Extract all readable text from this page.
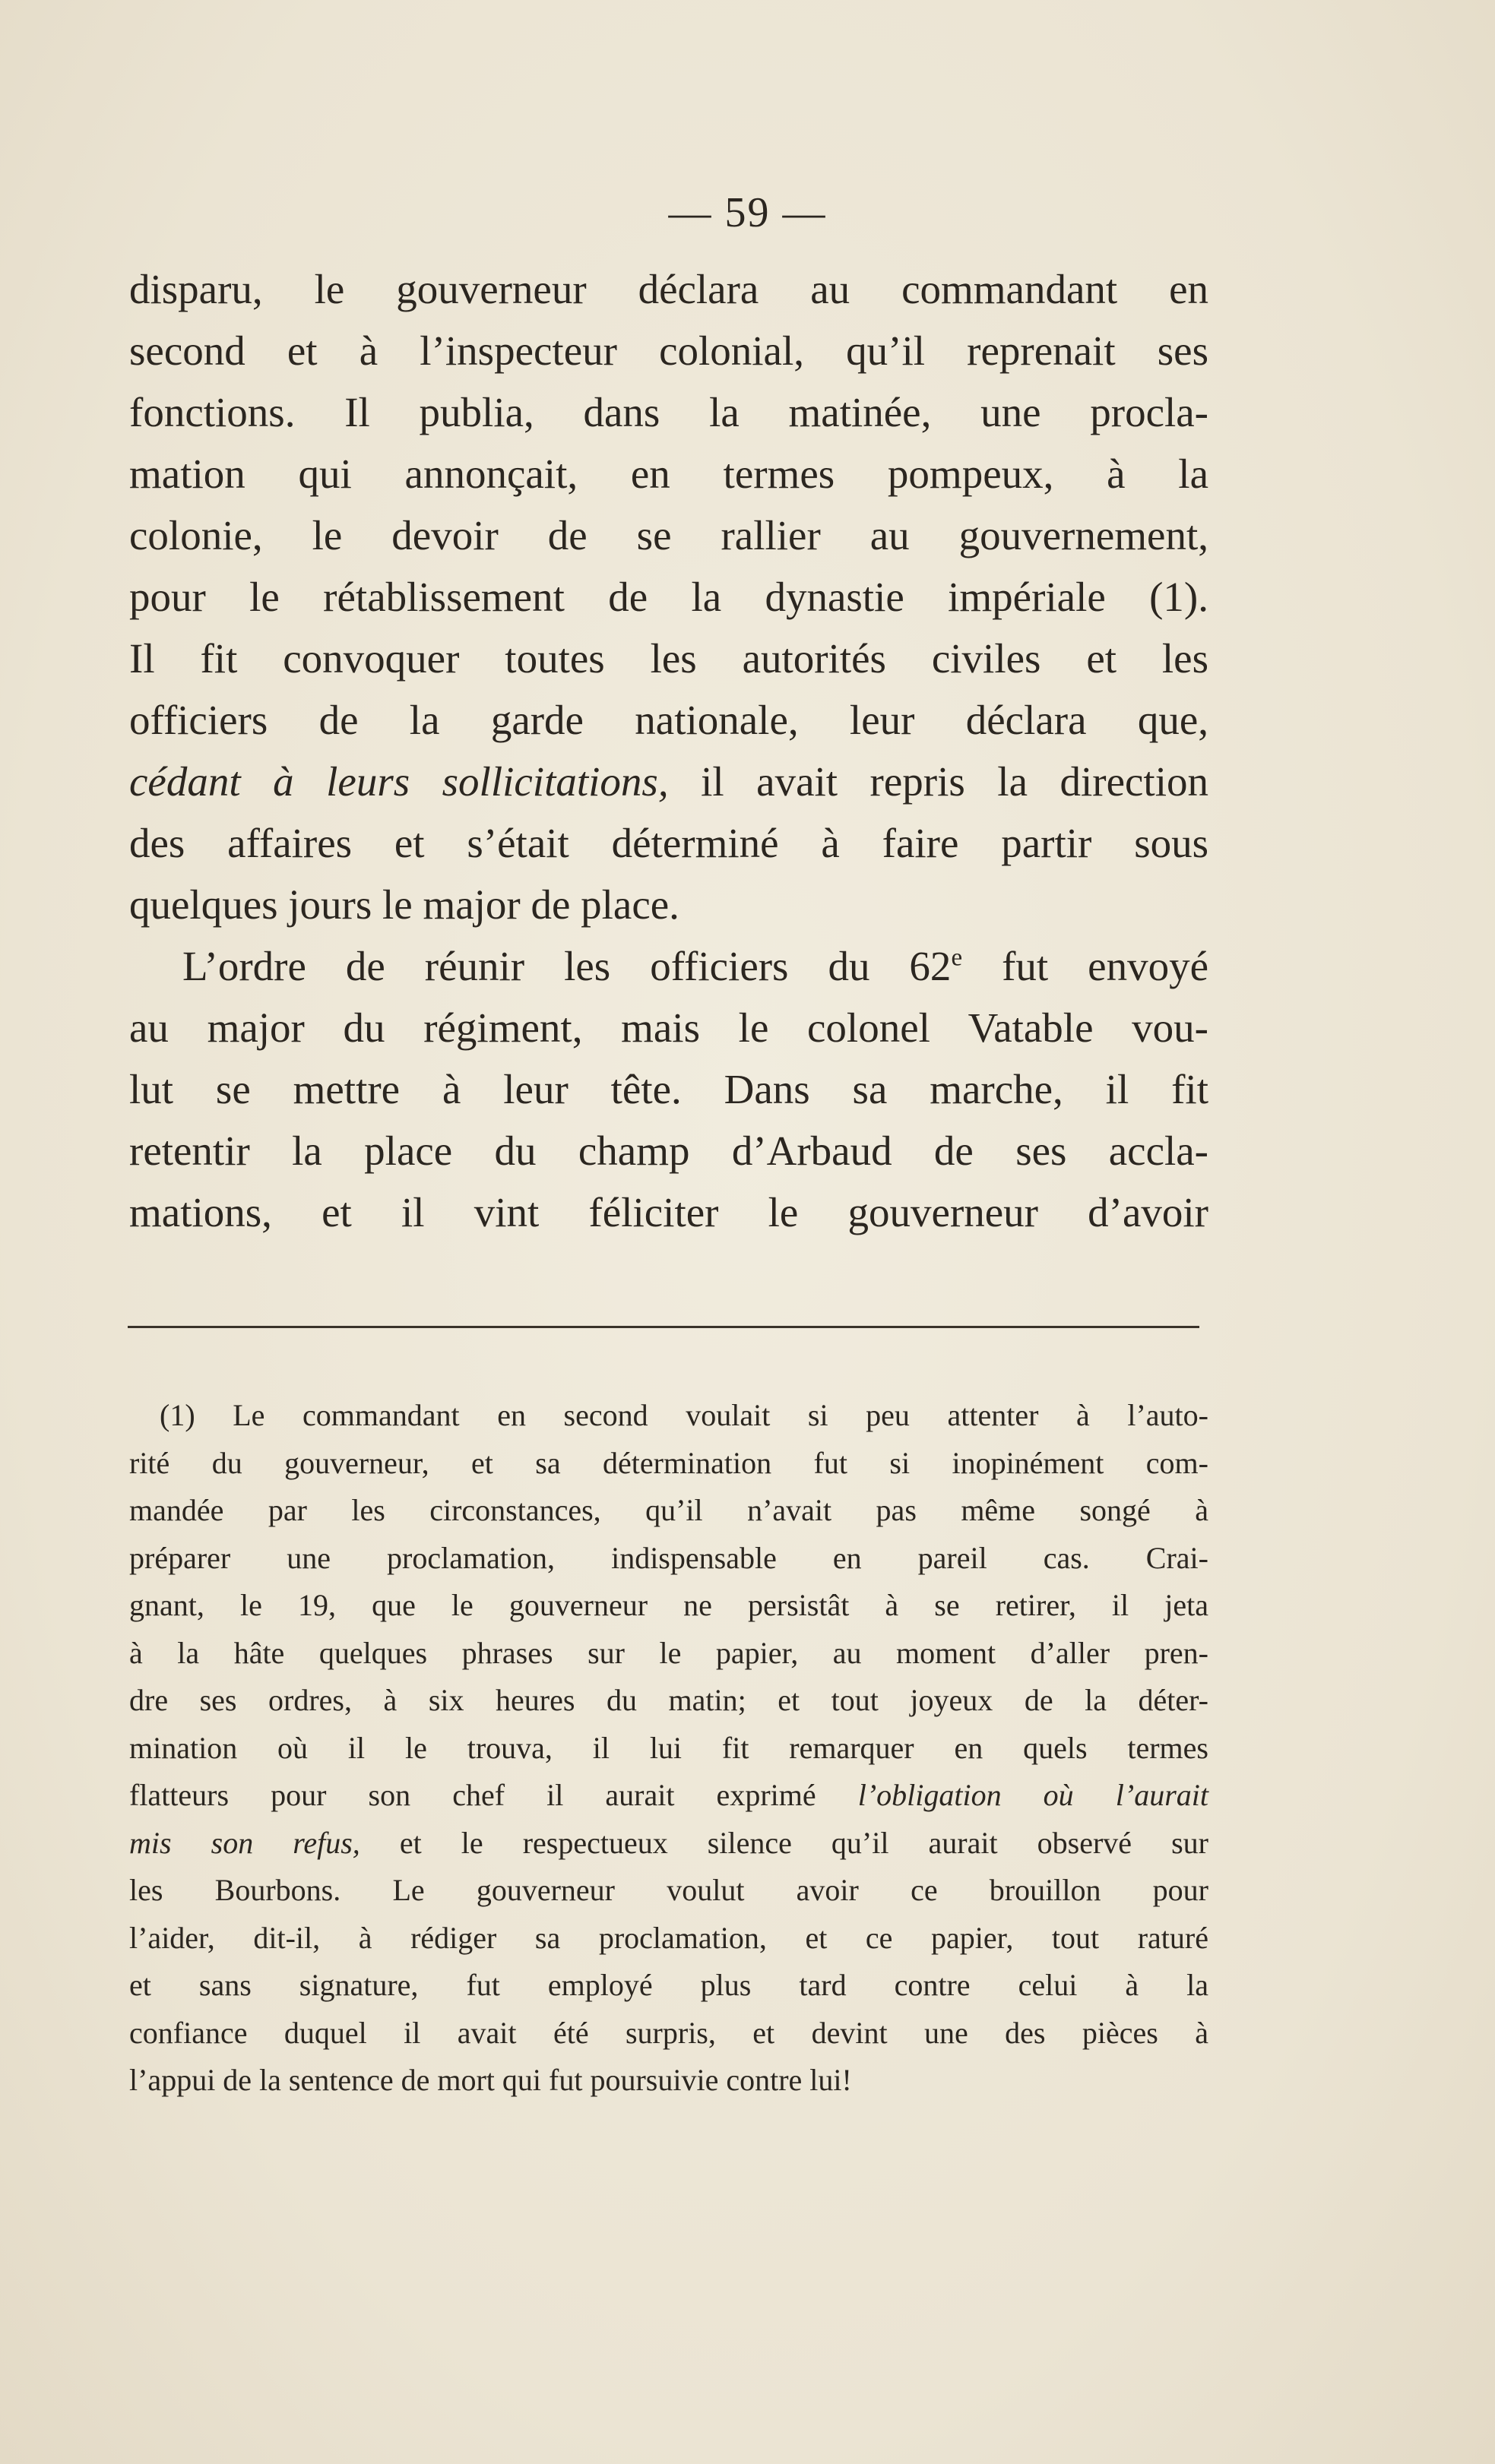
— 59 —
disparu, le gouverneur déclara au commandant en
second et à l’inspecteur colonial, qu’il reprenait ses
fonctions. Il publia, dans la matinée, une procla-
mation qui annonçait, en termes pompeux, à la
colonie, le devoir de se rallier au gouvernement,
pour le rétablissement de la dynastie impériale (1).
Il fit convoquer toutes les autorités civiles et les
officiers de la garde nationale, leur déclara que,
cédant à leurs sollicitations, il avait repris la direction
des affaires et s’était déterminé à faire partir sous
quelques jours le major de place.
L’ordre de réunir les officiers du 62e fut envoyé
au major du régiment, mais le colonel Vatable vou-
lut se mettre à leur tête. Dans sa marche, il fit
retentir la place du champ d’Arbaud de ses accla-
mations, et il vint féliciter le gouverneur d’avoir
(1) Le commandant en second voulait si peu attenter à l’auto-
rité du gouverneur, et sa détermination fut si inopinément com-
mandée par les circonstances, qu’il n’avait pas même songé à
préparer une proclamation, indispensable en pareil cas. Crai-
gnant, le 19, que le gouverneur ne persistât à se retirer, il jeta
à la hâte quelques phrases sur le papier, au moment d’aller pren-
dre ses ordres, à six heures du matin; et tout joyeux de la déter-
mination où il le trouva, il lui fit remarquer en quels termes
flatteurs pour son chef il aurait exprimé l’obligation où l’aurait
mis son refus, et le respectueux silence qu’il aurait observé sur
les Bourbons. Le gouverneur voulut avoir ce brouillon pour
l’aider, dit-il, à rédiger sa proclamation, et ce papier, tout raturé
et sans signature, fut employé plus tard contre celui à la
confiance duquel il avait été surpris, et devint une des pièces à
l’appui de la sentence de mort qui fut poursuivie contre lui!
